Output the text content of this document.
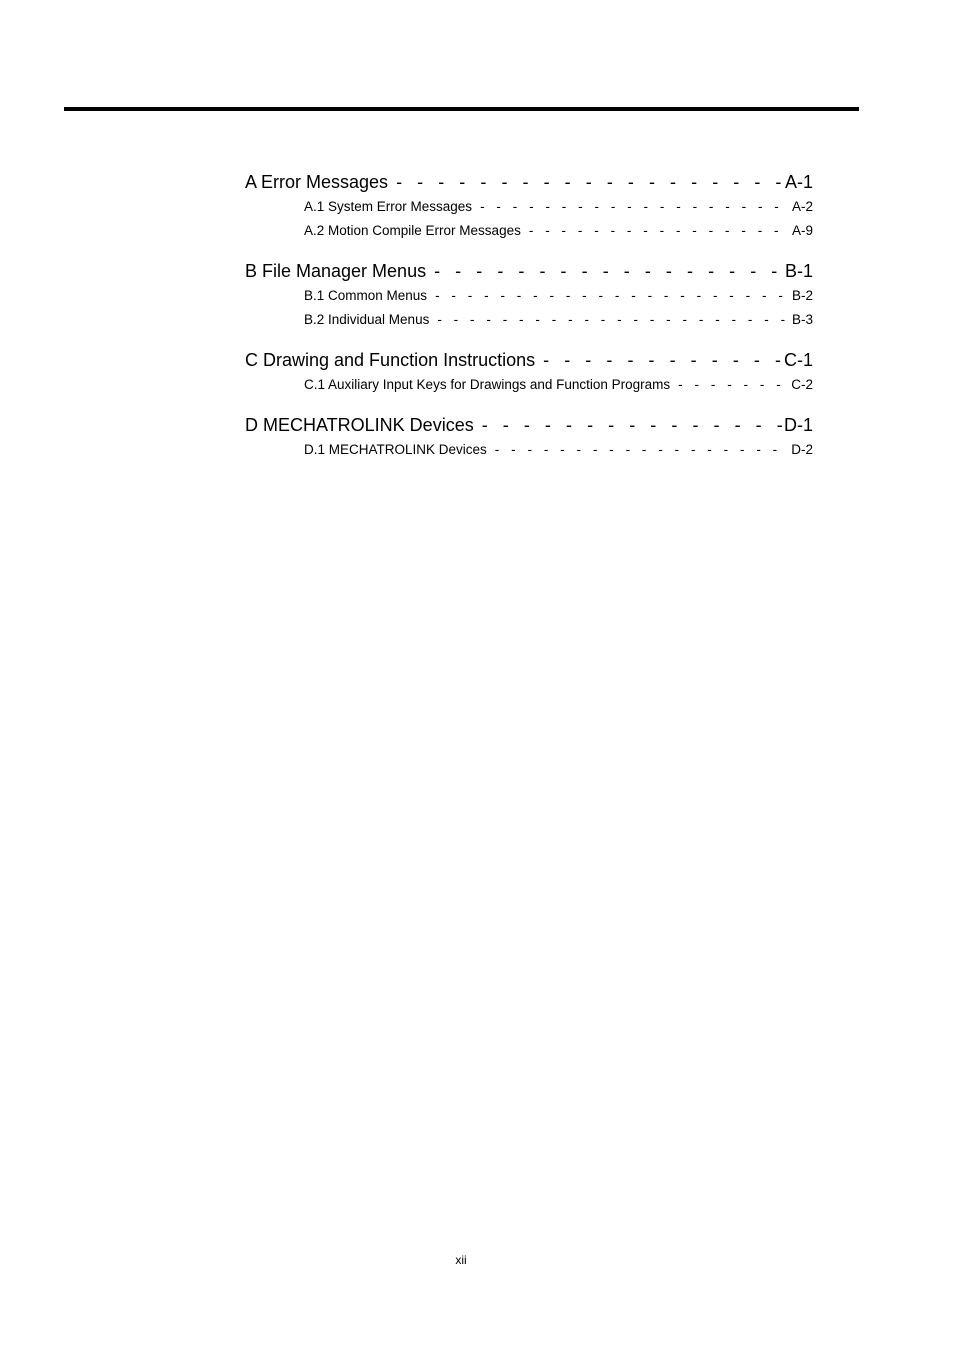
A Error Messages - - -	A-1
A.1 System Error Messages - - -	A-2
A.2 Motion Compile Error Messages - - -	A-9
B File Manager Menus - - -	B-1
B.1 Common Menus - - -	B-2
B.2 Individual Menus - - -	B-3
C Drawing and Function Instructions - - -	C-1
C.1 Auxiliary Input Keys for Drawings and Function Programs - - -	C-2
D MECHATROLINK Devices - - -	D-1
D.1 MECHATROLINK Devices - - -	D-2
xii
